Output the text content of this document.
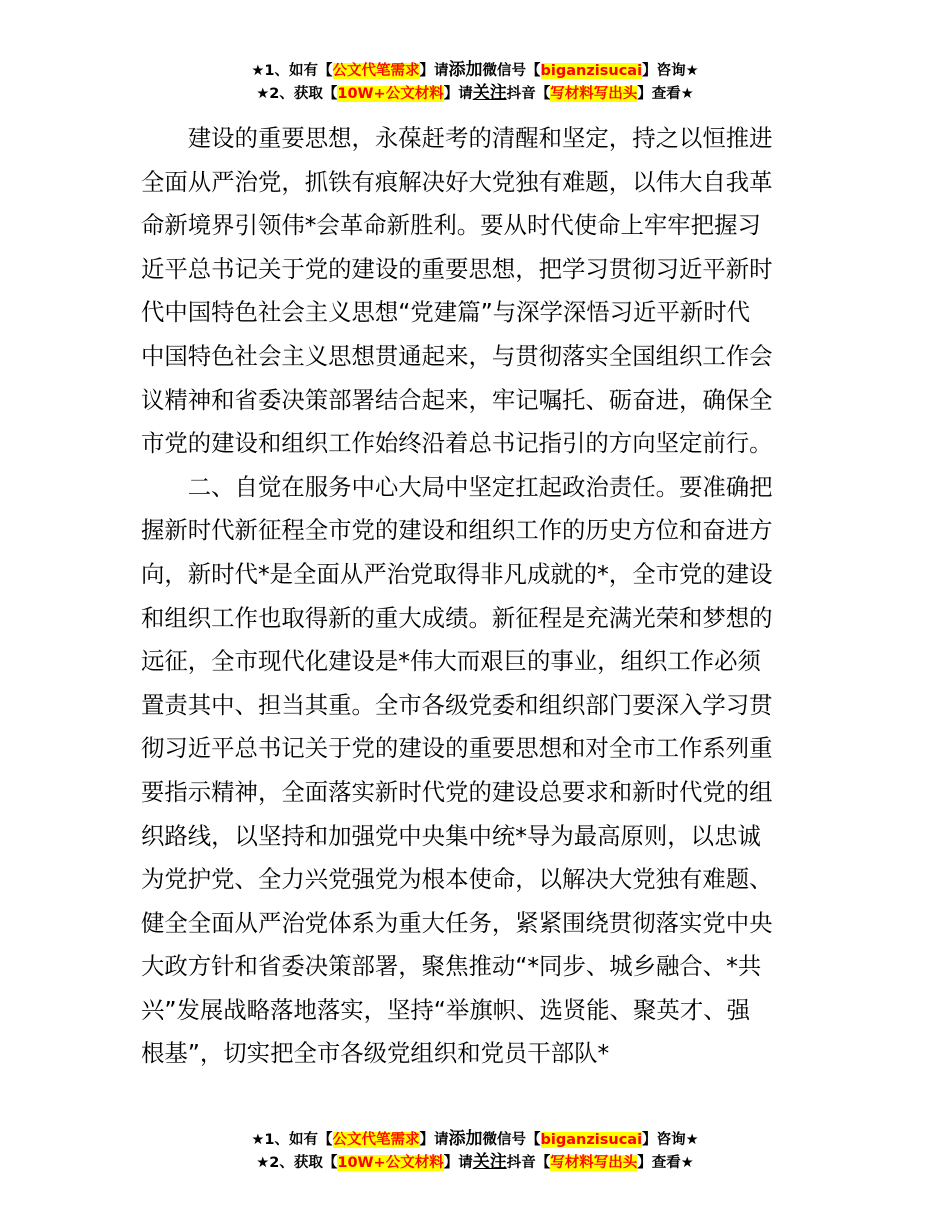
★1、如有【公文代笔需求】请添加微信号【biganzisucai】咨询★
★2、获取【10W+公文材料】请关注抖音【写材料写出头】查看★

　　建设的重要思想，永葆赶考的清醒和坚定，持之以恒推进
全面从严治党，抓铁有痕解决好大党独有难题，以伟大自我革
命新境界引领伟*会革命新胜利。要从时代使命上牢牢把握习
近平总书记关于党的建设的重要思想，把学习贯彻习近平新时
代中国特色社会主义思想“党建篇”与深学深悟习近平新时代
中国特色社会主义思想贯通起来，与贯彻落实全国组织工作会
议精神和省委决策部署结合起来，牢记嘱托、砺奋进，确保全
市党的建设和组织工作始终沿着总书记指引的方向坚定前行。

　　二、自觉在服务中心大局中坚定扛起政治责任。要准确把
握新时代新征程全市党的建设和组织工作的历史方位和奋进方
向，新时代*是全面从严治党取得非凡成就的*，全市党的建设
和组织工作也取得新的重大成绩。新征程是充满光荣和梦想的
远征，全市现代化建设是*伟大而艰巨的事业，组织工作必须
置责其中、担当其重。全市各级党委和组织部门要深入学习贯
彻习近平总书记关于党的建设的重要思想和对全市工作系列重
要指示精神，全面落实新时代党的建设总要求和新时代党的组
织路线，以坚持和加强党中央集中统*导为最高原则，以忠诚
为党护党、全力兴党强党为根本使命，以解决大党独有难题、
健全全面从严治党体系为重大任务，紧紧围绕贯彻落实党中央
大政方针和省委决策部署，聚焦推动“*同步、城乡融合、*共
兴”发展战略落地落实，坚持“举旗帜、选贤能、聚英才、强
根基”，切实把全市各级党组织和党员干部队*

★1、如有【公文代笔需求】请添加微信号【biganzisucai】咨询★
★2、获取【10W+公文材料】请关注抖音【写材料写出头】查看★
